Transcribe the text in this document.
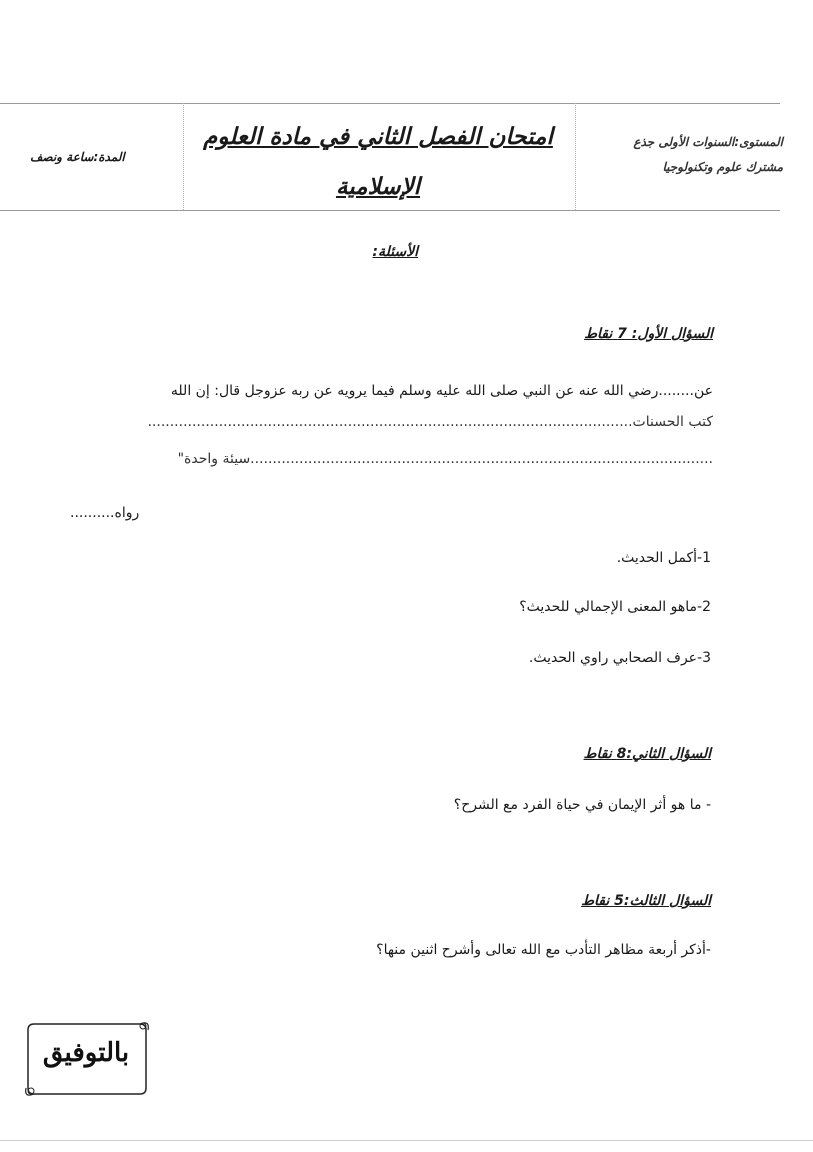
المستوى:السنوات الأولى جذع
مشترك علوم وتكنولوجيا
امتحان الفصل الثاني في مادة العلوم
الإسلامية
المدة:ساعة ونصف
الأسئلة:
السؤال الأول: 7 نقاط
عن........رضي الله عنه عن النبي صلى الله عليه وسلم فيما يرويه عن ربه عزوجل قال: إن الله
كتب الحسنات.............................................................................................................
........................................................................................................سيئة واحدة"
رواه..........
1-أكمل الحديث.
2-ماهو المعنى الإجمالي للحديث؟
3-عرف الصحابي راوي الحديث.
السؤال الثاني:8 نقاط
- ما هو أثر الإيمان في حياة الفرد مع الشرح؟
السؤال الثالث:5 نقاط
-أذكر أربعة مظاهر التأدب مع الله تعالى وأشرح اثنين منها؟
بالتوفيق
